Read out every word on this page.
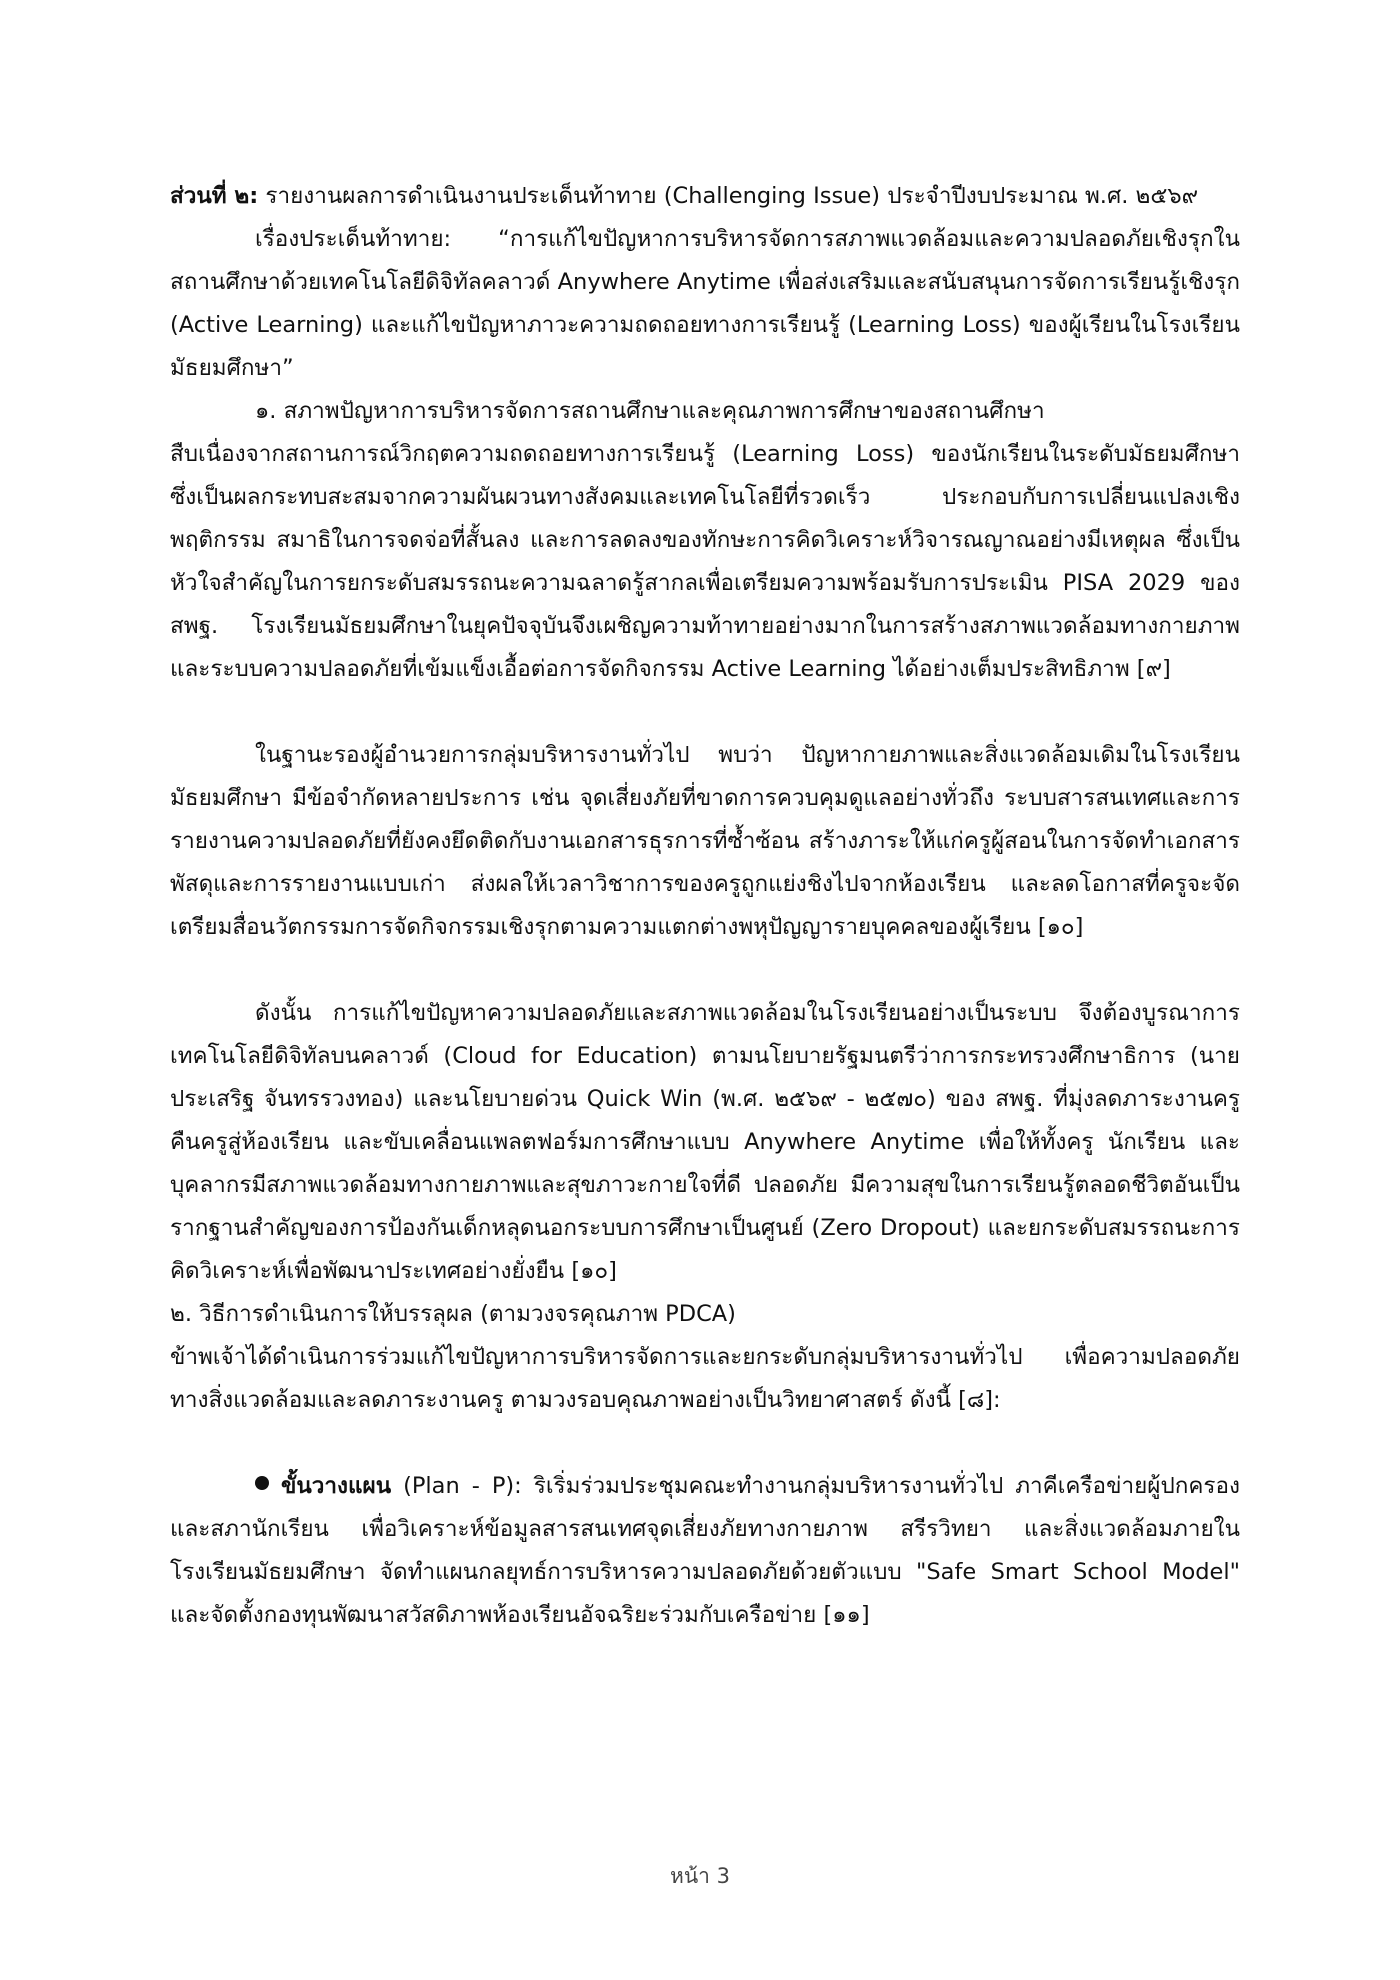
ส่วนที่ ๒: รายงานผลการดำเนินงานประเด็นท้าทาย (Challenging Issue) ประจำปีงบประมาณ พ.ศ. ๒๕๖๙

เรื่องประเด็นท้าทาย: “การแก้ไขปัญหาการบริหารจัดการสภาพแวดล้อมและความปลอดภัยเชิงรุกในสถานศึกษาด้วยเทคโนโลยีดิจิทัลคลาวด์ Anywhere Anytime เพื่อส่งเสริมและสนับสนุนการจัดการเรียนรู้เชิงรุก (Active Learning) และแก้ไขปัญหาภาวะความถดถอยทางการเรียนรู้ (Learning Loss) ของผู้เรียนในโรงเรียนมัธยมศึกษา”

๑. สภาพปัญหาการบริหารจัดการสถานศึกษาและคุณภาพการศึกษาของสถานศึกษา

สืบเนื่องจากสถานการณ์วิกฤตความถดถอยทางการเรียนรู้ (Learning Loss) ของนักเรียนในระดับมัธยมศึกษา ซึ่งเป็นผลกระทบสะสมจากความผันผวนทางสังคมและเทคโนโลยีที่รวดเร็ว ประกอบกับการเปลี่ยนแปลงเชิงพฤติกรรม สมาธิในการจดจ่อที่สั้นลง และการลดลงของทักษะการคิดวิเคราะห์วิจารณญาณอย่างมีเหตุผล ซึ่งเป็นหัวใจสำคัญในการยกระดับสมรรถนะความฉลาดรู้สากลเพื่อเตรียมความพร้อมรับการประเมิน PISA 2029 ของ สพฐ. โรงเรียนมัธยมศึกษาในยุคปัจจุบันจึงเผชิญความท้าทายอย่างมากในการสร้างสภาพแวดล้อมทางกายภาพและระบบความปลอดภัยที่เข้มแข็งเอื้อต่อการจัดกิจกรรม Active Learning ได้อย่างเต็มประสิทธิภาพ [๙]

ในฐานะรองผู้อำนวยการกลุ่มบริหารงานทั่วไป พบว่า ปัญหากายภาพและสิ่งแวดล้อมเดิมในโรงเรียนมัธยมศึกษา มีข้อจำกัดหลายประการ เช่น จุดเสี่ยงภัยที่ขาดการควบคุมดูแลอย่างทั่วถึง ระบบสารสนเทศและการรายงานความปลอดภัยที่ยังคงยึดติดกับงานเอกสารธุรการที่ซ้ำซ้อน สร้างภาระให้แก่ครูผู้สอนในการจัดทำเอกสารพัสดุและการรายงานแบบเก่า ส่งผลให้เวลาวิชาการของครูถูกแย่งชิงไปจากห้องเรียน และลดโอกาสที่ครูจะจัดเตรียมสื่อนวัตกรรมการจัดกิจกรรมเชิงรุกตามความแตกต่างพหุปัญญารายบุคคลของผู้เรียน [๑๐]

ดังนั้น การแก้ไขปัญหาความปลอดภัยและสภาพแวดล้อมในโรงเรียนอย่างเป็นระบบ จึงต้องบูรณาการเทคโนโลยีดิจิทัลบนคลาวด์ (Cloud for Education) ตามนโยบายรัฐมนตรีว่าการกระทรวงศึกษาธิการ (นายประเสริฐ จันทรรวงทอง) และนโยบายด่วน Quick Win (พ.ศ. ๒๕๖๙ - ๒๕๗๐) ของ สพฐ. ที่มุ่งลดภาระงานครู คืนครูสู่ห้องเรียน และขับเคลื่อนแพลตฟอร์มการศึกษาแบบ Anywhere Anytime เพื่อให้ทั้งครู นักเรียน และบุคลากรมีสภาพแวดล้อมทางกายภาพและสุขภาวะกายใจที่ดี ปลอดภัย มีความสุขในการเรียนรู้ตลอดชีวิตอันเป็นรากฐานสำคัญของการป้องกันเด็กหลุดนอกระบบการศึกษาเป็นศูนย์ (Zero Dropout) และยกระดับสมรรถนะการคิดวิเคราะห์เพื่อพัฒนาประเทศอย่างยั่งยืน [๑๐]

๒. วิธีการดำเนินการให้บรรลุผล (ตามวงจรคุณภาพ PDCA)

ข้าพเจ้าได้ดำเนินการร่วมแก้ไขปัญหาการบริหารจัดการและยกระดับกลุ่มบริหารงานทั่วไป เพื่อความปลอดภัยทางสิ่งแวดล้อมและลดภาระงานครู ตามวงรอบคุณภาพอย่างเป็นวิทยาศาสตร์ ดังนี้ [๘]:

ขั้นวางแผน (Plan - P): ริเริ่มร่วมประชุมคณะทำงานกลุ่มบริหารงานทั่วไป ภาคีเครือข่ายผู้ปกครอง และสภานักเรียน เพื่อวิเคราะห์ข้อมูลสารสนเทศจุดเสี่ยงภัยทางกายภาพ สรีรวิทยา และสิ่งแวดล้อมภายในโรงเรียนมัธยมศึกษา จัดทำแผนกลยุทธ์การบริหารความปลอดภัยด้วยตัวแบบ "Safe Smart School Model" และจัดตั้งกองทุนพัฒนาสวัสดิภาพห้องเรียนอัจฉริยะร่วมกับเครือข่าย [๑๑]

หน้า 3
